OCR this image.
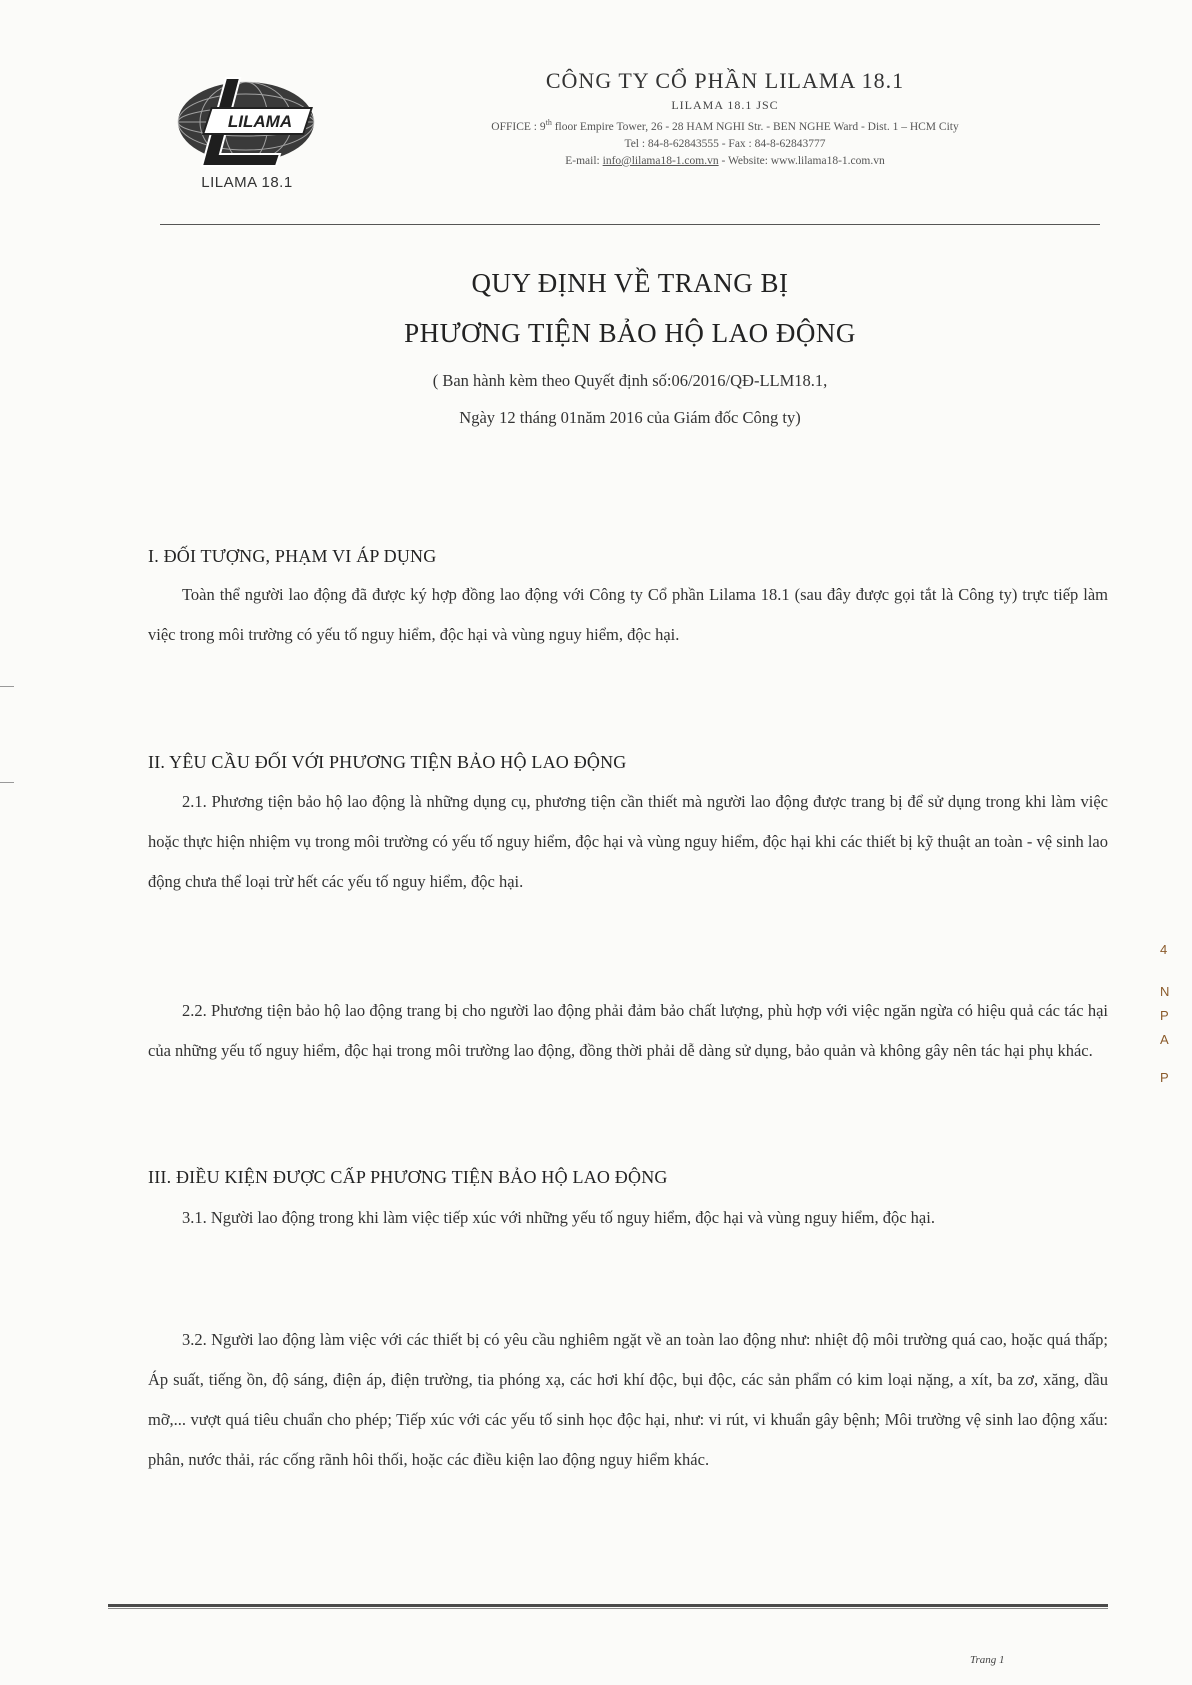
LILAMA
LILAMA 18.1
CÔNG TY CỔ PHẦN LILAMA 18.1
LILAMA 18.1 JSC
OFFICE : 9th floor Empire Tower, 26 - 28 HAM NGHI Str. - BEN NGHE Ward - Dist. 1 – HCM City
Tel : 84-8-62843555 - Fax : 84-8-62843777
E-mail: info@lilama18-1.com.vn - Website: www.lilama18-1.com.vn
QUY ĐỊNH VỀ TRANG BỊ
PHƯƠNG TIỆN BẢO HỘ LAO ĐỘNG
( Ban hành kèm theo Quyết định số:06/2016/QĐ-LLM18.1,
Ngày 12 tháng 01năm 2016 của Giám đốc Công ty)
I. ĐỐI TƯỢNG, PHẠM VI ÁP DỤNG
Toàn thể người lao động đã được ký hợp đồng lao động với Công ty Cổ phần Lilama 18.1 (sau đây được gọi tắt là Công ty) trực tiếp làm việc trong môi trường có yếu tố nguy hiểm, độc hại và vùng nguy hiểm, độc hại.
II. YÊU CẦU ĐỐI VỚI PHƯƠNG TIỆN BẢO HỘ LAO ĐỘNG
2.1. Phương tiện bảo hộ lao động là những dụng cụ, phương tiện cần thiết mà người lao động được trang bị để sử dụng trong khi làm việc hoặc thực hiện nhiệm vụ trong môi trường có yếu tố nguy hiểm, độc hại và vùng nguy hiểm, độc hại khi các thiết bị kỹ thuật an toàn - vệ sinh lao động chưa thể loại trừ hết các yếu tố nguy hiểm, độc hại.
2.2. Phương tiện bảo hộ lao động trang bị cho người lao động phải đảm bảo chất lượng, phù hợp với việc ngăn ngừa có hiệu quả các tác hại của những yếu tố nguy hiểm, độc hại trong môi trường lao động, đồng thời phải dễ dàng sử dụng, bảo quản và không gây nên tác hại phụ khác.
III. ĐIỀU KIỆN ĐƯỢC CẤP PHƯƠNG TIỆN BẢO HỘ LAO ĐỘNG
3.1. Người lao động trong khi làm việc tiếp xúc với những yếu tố nguy hiểm, độc hại và vùng nguy hiểm, độc hại.
3.2. Người lao động làm việc với các thiết bị có yêu cầu nghiêm ngặt về an toàn lao động như: nhiệt độ môi trường quá cao, hoặc quá thấp; Áp suất, tiếng ồn, độ sáng, điện áp, điện trường, tia phóng xạ, các hơi khí độc, bụi độc, các sản phẩm có kim loại nặng, a xít, ba zơ, xăng, dầu mỡ,... vượt quá tiêu chuẩn cho phép; Tiếp xúc với các yếu tố sinh học độc hại, như: vi rút, vi khuẩn gây bệnh; Môi trường vệ sinh lao động xấu: phân, nước thải, rác cống rãnh hôi thối, hoặc các điều kiện lao động nguy hiểm khác.
Trang 1
4
N
P
A
P
